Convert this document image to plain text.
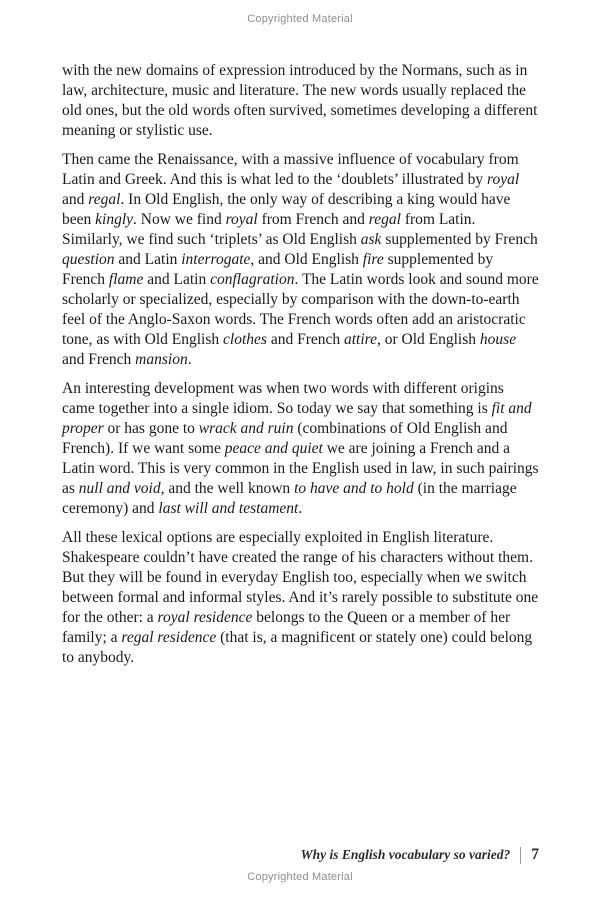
Copyrighted Material

with the new domains of expression introduced by the Normans, such as in law, architecture, music and literature. The new words usually replaced the old ones, but the old words often survived, sometimes developing a different meaning or stylistic use.

Then came the Renaissance, with a massive influence of vocabulary from Latin and Greek. And this is what led to the ‘doublets’ illustrated by royal and regal. In Old English, the only way of describing a king would have been kingly. Now we find royal from French and regal from Latin. Similarly, we find such ‘triplets’ as Old English ask supplemented by French question and Latin interrogate, and Old English fire supplemented by French flame and Latin conflagration. The Latin words look and sound more scholarly or specialized, especially by comparison with the down-to-earth feel of the Anglo-Saxon words. The French words often add an aristocratic tone, as with Old English clothes and French attire, or Old English house and French mansion.

An interesting development was when two words with different origins came together into a single idiom. So today we say that something is fit and proper or has gone to wrack and ruin (combinations of Old English and French). If we want some peace and quiet we are joining a French and a Latin word. This is very common in the English used in law, in such pairings as null and void, and the well known to have and to hold (in the marriage ceremony) and last will and testament.

All these lexical options are especially exploited in English literature. Shakespeare couldn’t have created the range of his characters without them. But they will be found in everyday English too, especially when we switch between formal and informal styles. And it’s rarely possible to substitute one for the other: a royal residence belongs to the Queen or a member of her family; a regal residence (that is, a magnificent or stately one) could belong to anybody.

Why is English vocabulary so varied? 7
Copyrighted Material
